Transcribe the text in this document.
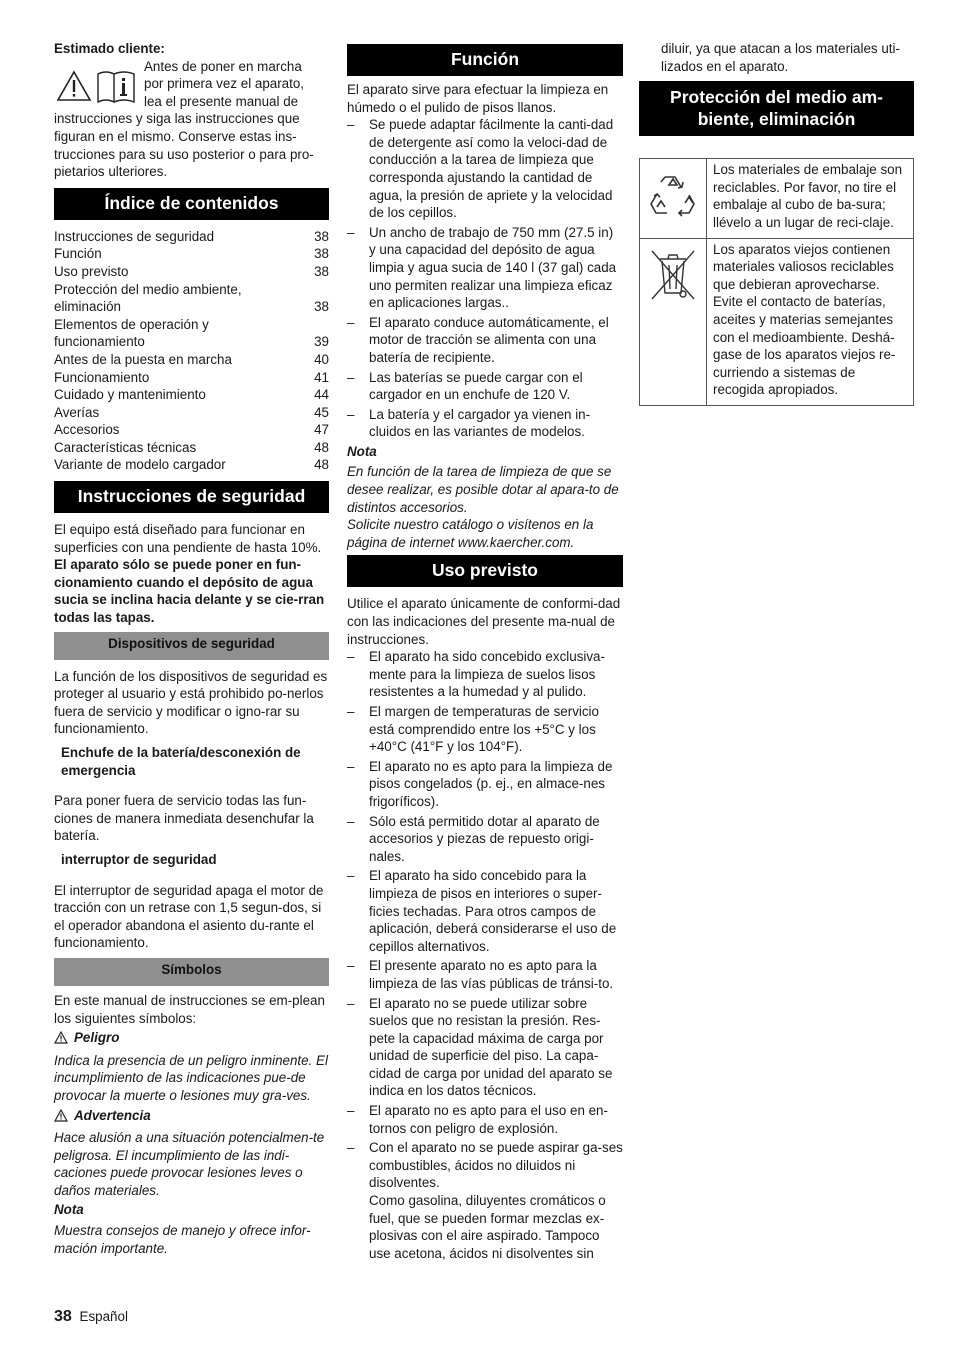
Estimado cliente:

Antes de poner en marcha

por primera vez el aparato,

lea el presente manual de

instrucciones y siga las instrucciones que figuran en el mismo. Conserve estas ins-trucciones para su uso posterior o para pro-pietarios ulteriores.

Índice de contenidos
Instrucciones de seguridad	38
Función	38
Uso previsto	38
Protección del medio ambiente, eliminación	38
Elementos de operación y funcionamiento	39
Antes de la puesta en marcha	40
Funcionamiento	41
Cuidado y mantenimiento	44
Averías	45
Accesorios	47
Características técnicas	48
Variante de modelo cargador	48
Instrucciones de seguridad

El equipo está diseñado para funcionar en superficies con una pendiente de hasta 10%.

El aparato sólo se puede poner en fun-cionamiento cuando el depósito de agua sucia se inclina hacia delante y se cie-rran todas las tapas.

Dispositivos de seguridad

La función de los dispositivos de seguridad es proteger al usuario y está prohibido po-nerlos fuera de servicio y modificar o igno-rar su funcionamiento.

Enchufe de la batería/desconexión de emergencia

Para poner fuera de servicio todas las fun-ciones de manera inmediata desenchufar la batería.

interruptor de seguridad

El interruptor de seguridad apaga el motor de tracción con un retrase con 1,5 segun-dos, si el operador abandona el asiento du-rante el funcionamiento.

Símbolos

En este manual de instrucciones se em-plean los siguientes símbolos:

Peligro

Indica la presencia de un peligro inminente. El incumplimiento de las indicaciones pue-de provocar la muerte o lesiones muy gra-ves.

Advertencia

Hace alusión a una situación potencialmen-te peligrosa. El incumplimiento de las indi-caciones puede provocar lesiones leves o daños materiales.

Nota

Muestra consejos de manejo y ofrece infor-mación importante.

Función

El aparato sirve para efectuar la limpieza en húmedo o el pulido de pisos llanos.

– Se puede adaptar fácilmente la canti-dad de detergente así como la veloci-dad de conducción a la tarea de limpieza que corresponda ajustando la cantidad de agua, la presión de apriete y la velocidad de los cepillos.
– Un ancho de trabajo de 750 mm (27.5 in) y una capacidad del depósito de agua limpia y agua sucia de 140 l (37 gal) cada uno permiten realizar una limpieza eficaz en aplicaciones largas..
– El aparato conduce automáticamente, el motor de tracción se alimenta con una batería de recipiente.
– Las baterías se puede cargar con el cargador en un enchufe de 120 V.
– La batería y el cargador ya vienen in-cluidos en las variantes de modelos.

Nota

En función de la tarea de limpieza de que se desee realizar, es posible dotar al apara-to de distintos accesorios.

Solicite nuestro catálogo o visítenos en la página de internet www.kaercher.com.

Uso previsto

Utilice el aparato únicamente de conformi-dad con las indicaciones del presente ma-nual de instrucciones.

– El aparato ha sido concebido exclusiva-mente para la limpieza de suelos lisos resistentes a la humedad y al pulido.
– El margen de temperaturas de servicio está comprendido entre los +5°C y los +40°C (41°F y los 104°F).
– El aparato no es apto para la limpieza de pisos congelados (p. ej., en almace-nes frigoríficos).
– Sólo está permitido dotar al aparato de accesorios y piezas de repuesto origi-nales.
– El aparato ha sido concebido para la limpieza de pisos en interiores o super-ficies techadas. Para otros campos de aplicación, deberá considerarse el uso de cepillos alternativos.
– El presente aparato no es apto para la limpieza de las vías públicas de tránsi-to.
– El aparato no se puede utilizar sobre suelos que no resistan la presión. Res-pete la capacidad máxima de carga por unidad de superficie del piso. La capa-cidad de carga por unidad del aparato se indica en los datos técnicos.
– El aparato no es apto para el uso en en-tornos con peligro de explosión.
– Con el aparato no se puede aspirar ga-ses combustibles, ácidos no diluidos ni disolventes.

Como gasolina, diluyentes cromáticos o fuel, que se pueden formar mezclas ex-plosivas con el aire aspirado. Tampoco use acetona, ácidos ni disolventes sin

diluir, ya que atacan a los materiales uti-lizados en el aparato.

Protección del medio am-biente, eliminación
	Los materiales de embalaje son reciclables. Por favor, no tire el embalaje al cubo de ba-sura; llévelo a un lugar de reci-claje.
	Los aparatos viejos contienen materiales valiosos reciclables que debieran aprovecharse. Evite el contacto de baterías, aceites y materias semejantes con el medioambiente. Deshá-gase de los aparatos viejos re-curriendo a sistemas de recogida apropiados.
38 Español
